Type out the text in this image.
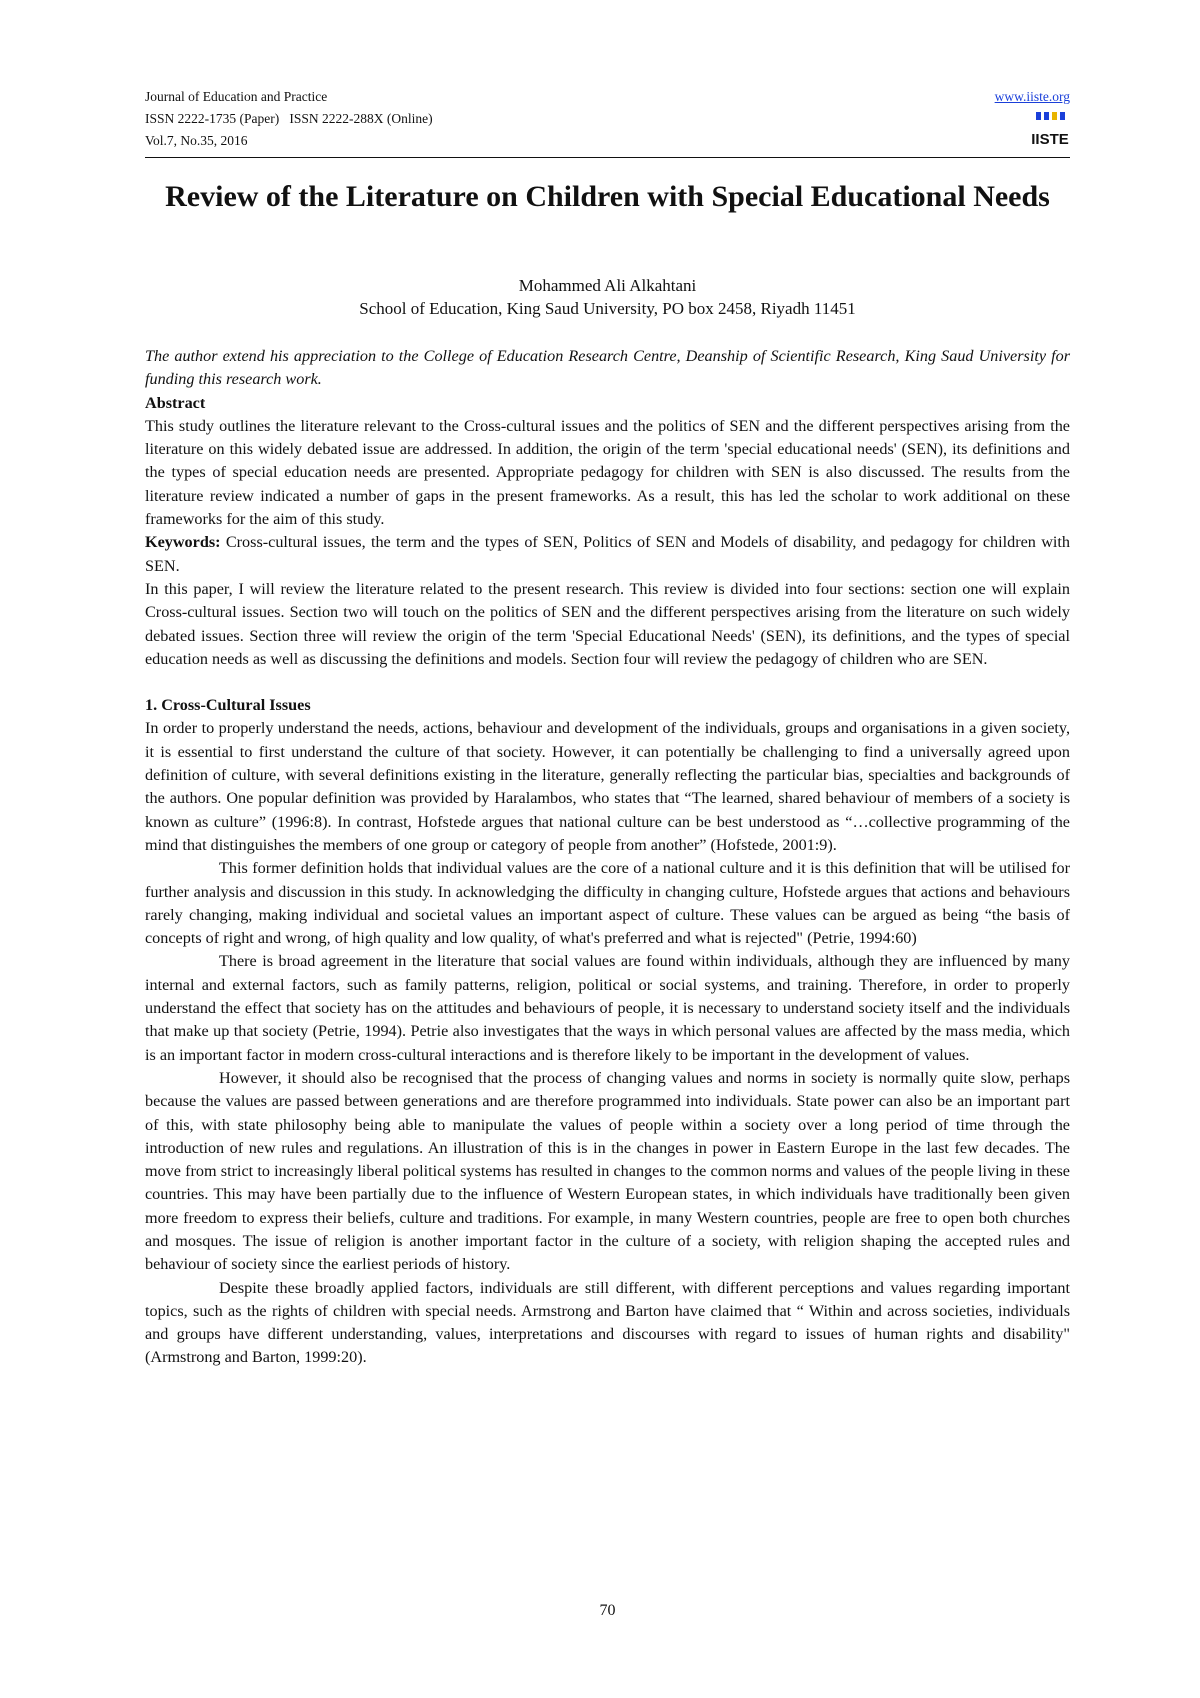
Journal of Education and Practice
ISSN 2222-1735 (Paper)   ISSN 2222-288X (Online)
Vol.7, No.35, 2016
www.iiste.org
IISTE
Review of the Literature on Children with Special Educational Needs
Mohammed Ali Alkahtani
School of Education, King Saud University, PO box 2458, Riyadh 11451

The author extend his appreciation to the College of Education Research Centre, Deanship of Scientific Research, King Saud University for funding this research work.

Abstract

This study outlines the literature relevant to the Cross-cultural issues and the politics of SEN and the different perspectives arising from the literature on this widely debated issue are addressed. In addition, the origin of the term 'special educational needs' (SEN), its definitions and the types of special education needs are presented. Appropriate pedagogy for children with SEN is also discussed. The results from the literature review indicated a number of gaps in the present frameworks. As a result, this has led the scholar to work additional on these frameworks for the aim of this study.

Keywords: Cross-cultural issues, the term and the types of SEN, Politics of SEN and Models of disability, and pedagogy for children with SEN.

In this paper, I will review the literature related to the present research. This review is divided into four sections: section one will explain Cross-cultural issues. Section two will touch on the politics of SEN and the different perspectives arising from the literature on such widely debated issues. Section three will review the origin of the term 'Special Educational Needs' (SEN), its definitions, and the types of special education needs as well as discussing the definitions and models. Section four will review the pedagogy of children who are SEN.

1. Cross-Cultural Issues

In order to properly understand the needs, actions, behaviour and development of the individuals, groups and organisations in a given society, it is essential to first understand the culture of that society. However, it can potentially be challenging to find a universally agreed upon definition of culture, with several definitions existing in the literature, generally reflecting the particular bias, specialties and backgrounds of the authors. One popular definition was provided by Haralambos, who states that “The learned, shared behaviour of members of a society is known as culture” (1996:8). In contrast, Hofstede argues that national culture can be best understood as “…collective programming of the mind that distinguishes the members of one group or category of people from another” (Hofstede, 2001:9).

This former definition holds that individual values are the core of a national culture and it is this definition that will be utilised for further analysis and discussion in this study. In acknowledging the difficulty in changing culture, Hofstede argues that actions and behaviours rarely changing, making individual and societal values an important aspect of culture. These values can be argued as being “the basis of concepts of right and wrong, of high quality and low quality, of what's preferred and what is rejected" (Petrie, 1994:60)

There is broad agreement in the literature that social values are found within individuals, although they are influenced by many internal and external factors, such as family patterns, religion, political or social systems, and training. Therefore, in order to properly understand the effect that society has on the attitudes and behaviours of people, it is necessary to understand society itself and the individuals that make up that society (Petrie, 1994). Petrie also investigates that the ways in which personal values are affected by the mass media, which is an important factor in modern cross-cultural interactions and is therefore likely to be important in the development of values.

However, it should also be recognised that the process of changing values and norms in society is normally quite slow, perhaps because the values are passed between generations and are therefore programmed into individuals. State power can also be an important part of this, with state philosophy being able to manipulate the values of people within a society over a long period of time through the introduction of new rules and regulations. An illustration of this is in the changes in power in Eastern Europe in the last few decades. The move from strict to increasingly liberal political systems has resulted in changes to the common norms and values of the people living in these countries. This may have been partially due to the influence of Western European states, in which individuals have traditionally been given more freedom to express their beliefs, culture and traditions. For example, in many Western countries, people are free to open both churches and mosques. The issue of religion is another important factor in the culture of a society, with religion shaping the accepted rules and behaviour of society since the earliest periods of history.

Despite these broadly applied factors, individuals are still different, with different perceptions and values regarding important topics, such as the rights of children with special needs. Armstrong and Barton have claimed that “ Within and across societies, individuals and groups have different understanding, values, interpretations and discourses with regard to issues of human rights and disability" (Armstrong and Barton, 1999:20).

70
